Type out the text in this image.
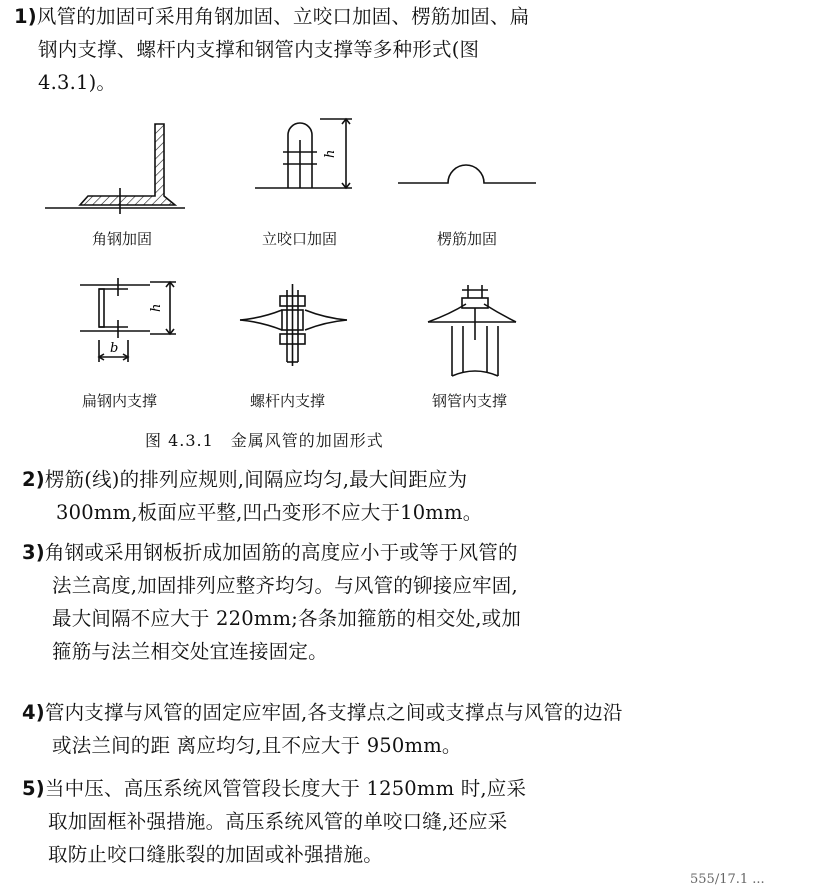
1)风管的加固可采用角钢加固、立咬口加固、楞筋加固、扁
钢内支撑、螺杆内支撑和钢管内支撑等多种形式(图
4.3.1)。
h
h
b
角钢加固	立咬口加固	楞筋加固
扁钢内支撑	螺杆内支撑	钢管内支撑
图 4.3.1　金属风管的加固形式
2)楞筋(线)的排列应规则,间隔应均匀,最大间距应为
300mm,板面应平整,凹凸变形不应大于10mm。
3)角钢或采用钢板折成加固筋的高度应小于或等于风管的
法兰高度,加固排列应整齐均匀。与风管的铆接应牢固,
最大间隔不应大于 220mm;各条加箍筋的相交处,或加
箍筋与法兰相交处宜连接固定。
4)管内支撑与风管的固定应牢固,各支撑点之间或支撑点与风管的边沿
或法兰间的距 离应均匀,且不应大于 950mm。
5)当中压、高压系统风管管段长度大于 1250mm 时,应采
取加固框补强措施。高压系统风管的单咬口缝,还应采
取防止咬口缝胀裂的加固或补强措施。
555/17.1 ...
